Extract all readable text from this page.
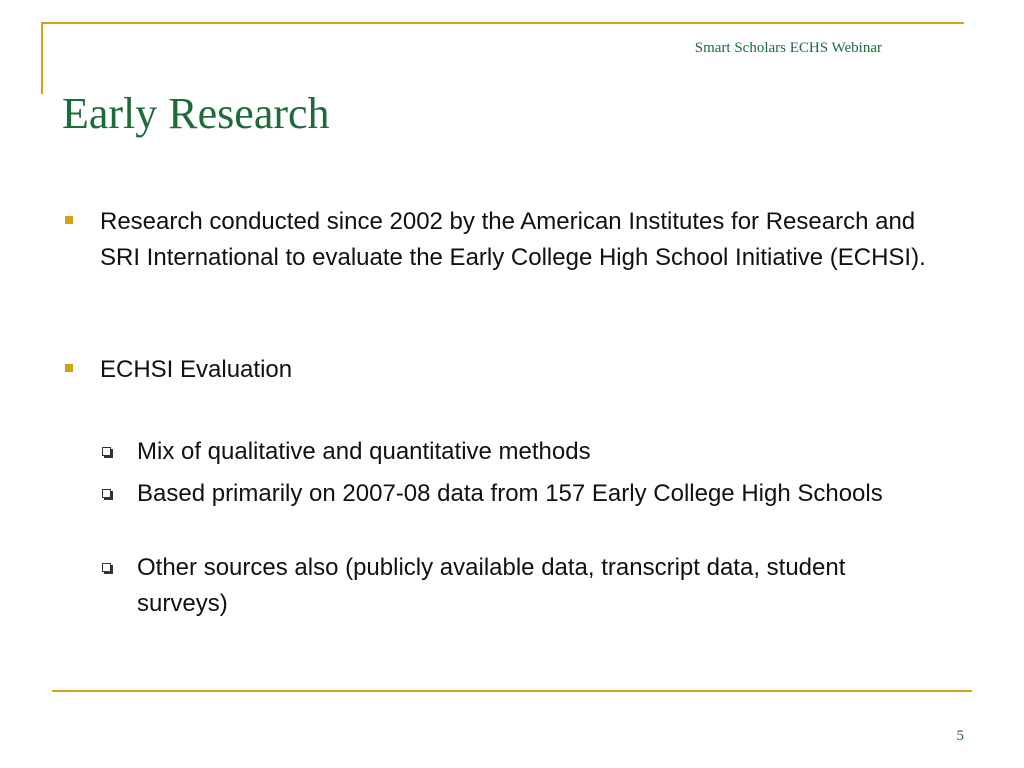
Smart Scholars ECHS Webinar
Early Research
Research conducted since 2002 by the American Institutes for Research and SRI International to evaluate the Early College High School Initiative (ECHSI).
ECHSI Evaluation
Mix of qualitative and quantitative methods
Based primarily on 2007-08 data from 157 Early College High Schools
Other sources also (publicly available data, transcript data, student surveys)
5
